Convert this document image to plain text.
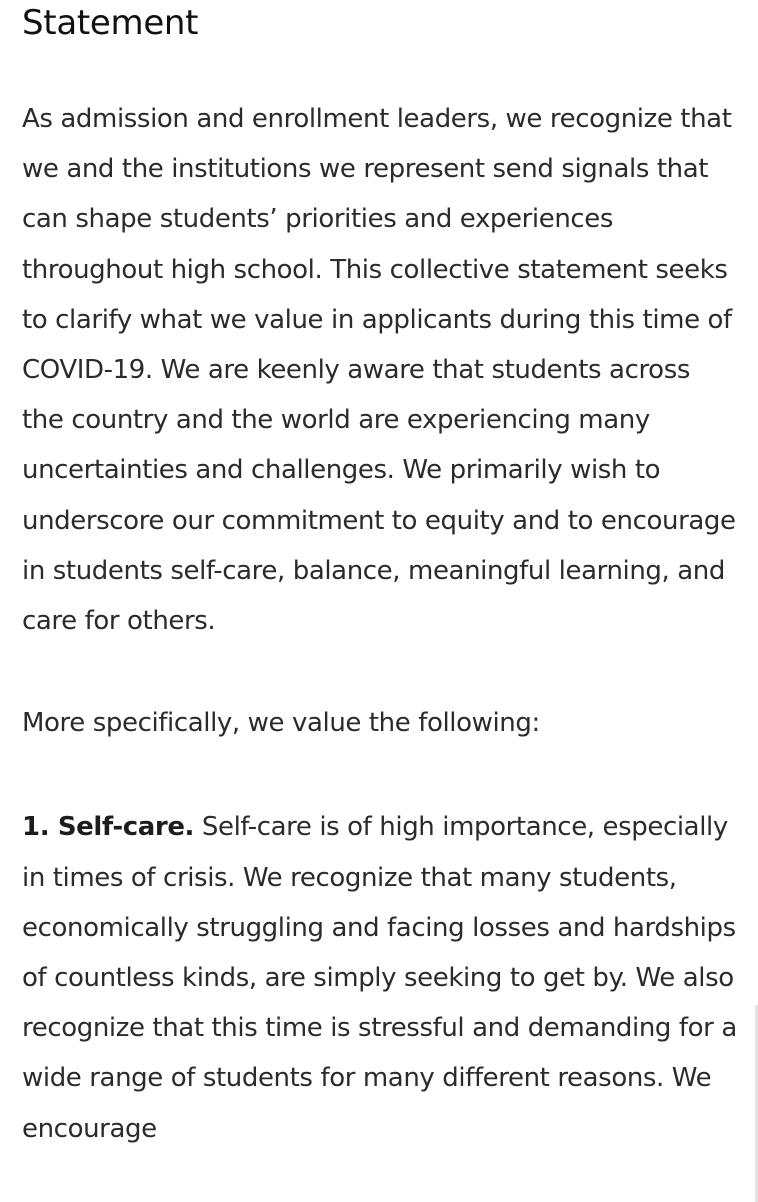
Statement

As admission and enrollment leaders, we recognize that we and the institutions we represent send signals that can shape students’ priorities and experiences throughout high school. This collective statement seeks to clarify what we value in applicants during this time of COVID-19. We are keenly aware that students across the country and the world are experiencing many uncertainties and challenges. We primarily wish to underscore our commitment to equity and to encourage in students self-care, balance, meaningful learning, and care for others.

More specifically, we value the following:

1. Self-care. Self-care is of high importance, especially in times of crisis. We recognize that many students, economically struggling and facing losses and hardships of countless kinds, are simply seeking to get by. We also recognize that this time is stressful and demanding for a wide range of students for many different reasons. We encourage
